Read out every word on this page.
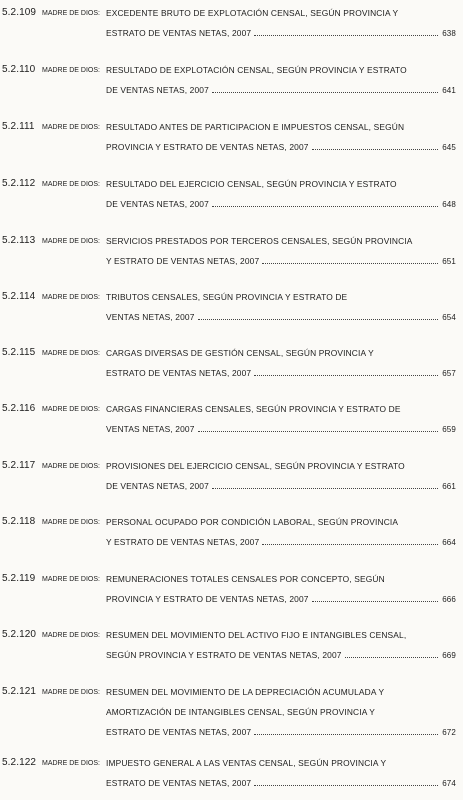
5.2.109 MADRE DE DIOS: EXCEDENTE BRUTO DE EXPLOTACIÓN CENSAL, SEGÚN PROVINCIA Y
ESTRATO DE VENTAS NETAS, 2007	638
5.2.110 MADRE DE DIOS: RESULTADO DE EXPLOTACIÓN CENSAL, SEGÚN PROVINCIA Y ESTRATO
DE VENTAS NETAS, 2007	641
5.2.111 MADRE DE DIOS: RESULTADO ANTES DE PARTICIPACION E IMPUESTOS CENSAL, SEGÚN
PROVINCIA Y ESTRATO DE VENTAS NETAS, 2007	645
5.2.112 MADRE DE DIOS: RESULTADO DEL EJERCICIO CENSAL, SEGÚN PROVINCIA Y ESTRATO
DE VENTAS NETAS, 2007	648
5.2.113 MADRE DE DIOS: SERVICIOS PRESTADOS POR TERCEROS CENSALES, SEGÚN PROVINCIA
Y ESTRATO DE VENTAS NETAS, 2007	651
5.2.114 MADRE DE DIOS: TRIBUTOS CENSALES, SEGÚN PROVINCIA Y ESTRATO DE
VENTAS NETAS, 2007	654
5.2.115 MADRE DE DIOS: CARGAS DIVERSAS DE GESTIÓN CENSAL, SEGÚN PROVINCIA Y
ESTRATO DE VENTAS NETAS, 2007	657
5.2.116 MADRE DE DIOS: CARGAS FINANCIERAS CENSALES, SEGÚN PROVINCIA Y ESTRATO DE
VENTAS NETAS, 2007	659
5.2.117 MADRE DE DIOS: PROVISIONES DEL EJERCICIO CENSAL, SEGÚN PROVINCIA Y ESTRATO
DE VENTAS NETAS, 2007	661
5.2.118 MADRE DE DIOS: PERSONAL OCUPADO POR CONDICIÓN LABORAL, SEGÚN PROVINCIA
Y ESTRATO DE VENTAS NETAS, 2007	664
5.2.119 MADRE DE DIOS: REMUNERACIONES TOTALES CENSALES POR CONCEPTO, SEGÚN
PROVINCIA Y ESTRATO DE VENTAS NETAS, 2007	666
5.2.120 MADRE DE DIOS: RESUMEN DEL MOVIMIENTO DEL ACTIVO FIJO E INTANGIBLES CENSAL,
SEGÚN PROVINCIA Y ESTRATO DE VENTAS NETAS, 2007	669
5.2.121 MADRE DE DIOS: RESUMEN DEL MOVIMIENTO DE LA DEPRECIACIÓN ACUMULADA Y
AMORTIZACIÓN DE INTANGIBLES CENSAL, SEGÚN PROVINCIA Y
ESTRATO DE VENTAS NETAS, 2007	672
5.2.122 MADRE DE DIOS: IMPUESTO GENERAL A LAS VENTAS CENSAL, SEGÚN PROVINCIA Y
ESTRATO DE VENTAS NETAS, 2007	674
